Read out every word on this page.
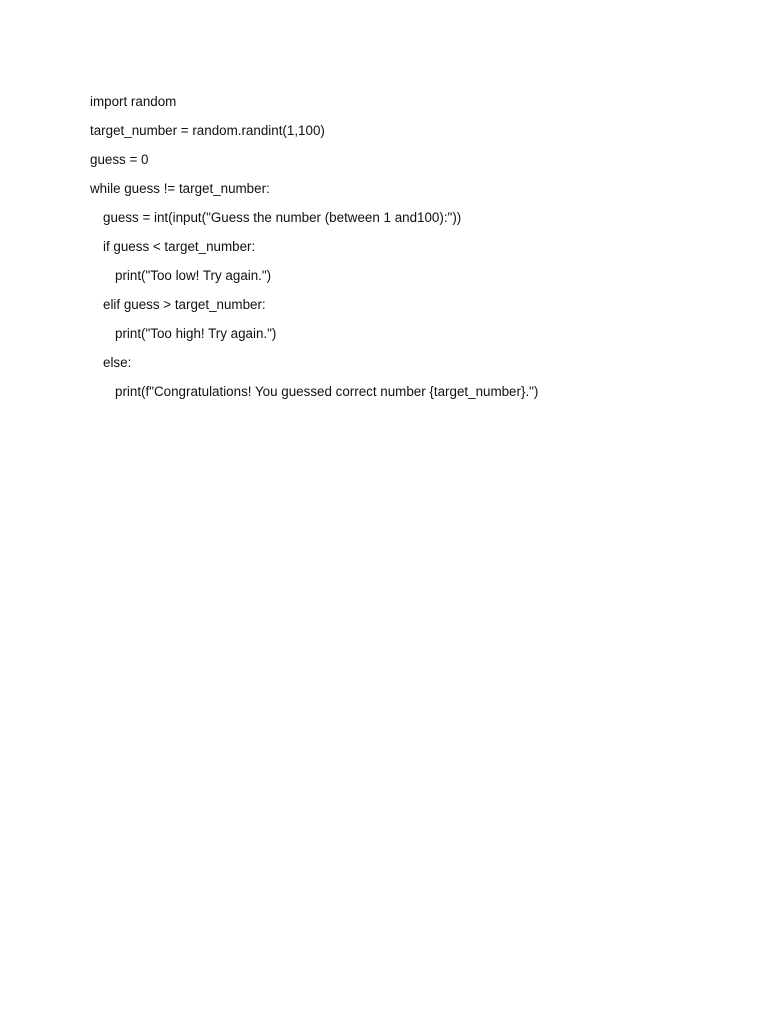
import random
target_number = random.randint(1,100)
guess = 0
while guess != target_number:
guess = int(input("Guess the number (between 1 and100):"))
if guess < target_number:
print("Too low! Try again.")
elif guess > target_number:
print("Too high! Try again.")
else:
print(f"Congratulations! You guessed correct number {target_number}.")
